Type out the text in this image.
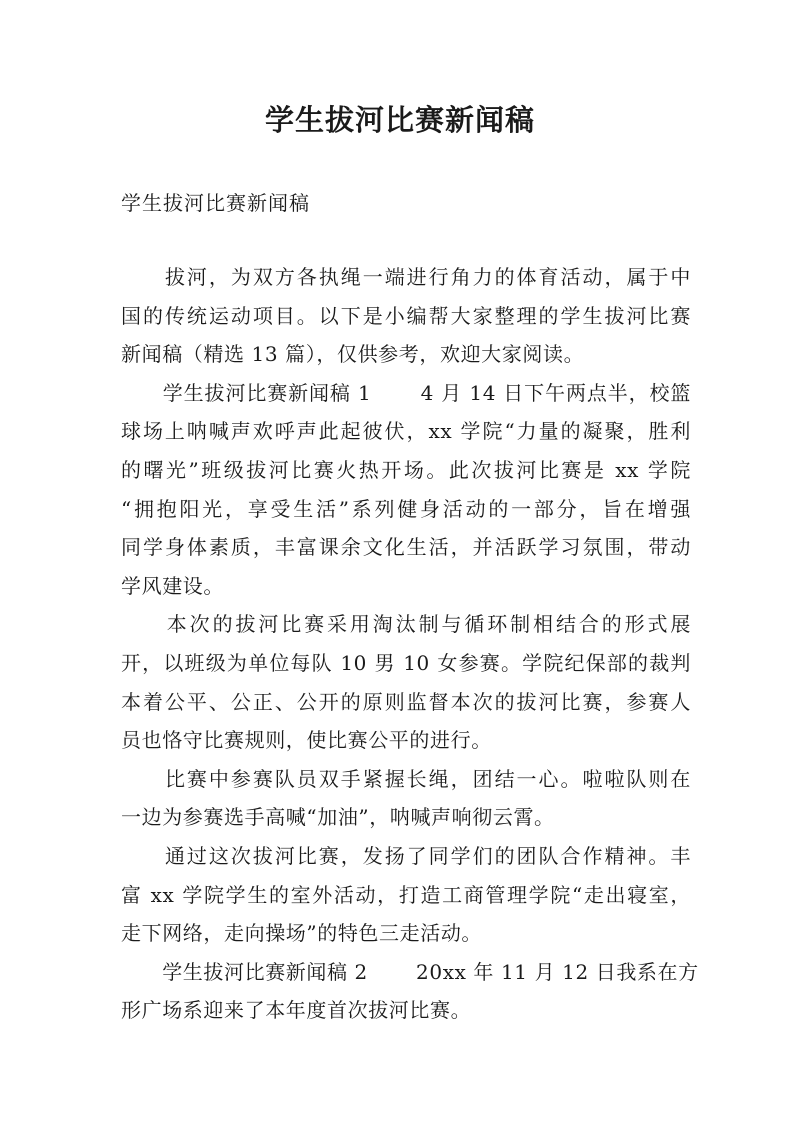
学生拔河比赛新闻稿
学生拔河比赛新闻稿

　　拔河，为双方各执绳一端进行角力的体育活动，属于中
国的传统运动项目。以下是小编帮大家整理的学生拔河比赛
新闻稿（精选 13 篇），仅供参考，欢迎大家阅读。

　　学生拔河比赛新闻稿 1　　 4 月 14 日下午两点半，校篮
球场上呐喊声欢呼声此起彼伏，xx 学院“力量的凝聚，胜利
的曙光”班级拔河比赛火热开场。此次拔河比赛是 xx 学院
“拥抱阳光，享受生活”系列健身活动的一部分，旨在增强
同学身体素质，丰富课余文化生活，并活跃学习氛围，带动
学风建设。

　　本次的拔河比赛采用淘汰制与循环制相结合的形式展
开，以班级为单位每队 10 男 10 女参赛。学院纪保部的裁判
本着公平、公正、公开的原则监督本次的拔河比赛，参赛人
员也恪守比赛规则，使比赛公平的进行。

　　比赛中参赛队员双手紧握长绳，团结一心。啦啦队则在
一边为参赛选手高喊“加油”，呐喊声响彻云霄。

　　通过这次拔河比赛，发扬了同学们的团队合作精神。丰
富 xx 学院学生的室外活动，打造工商管理学院“走出寝室，
走下网络，走向操场”的特色三走活动。

　　学生拔河比赛新闻稿 2　　 20xx 年 11 月 12 日我系在方
形广场系迎来了本年度首次拔河比赛。
